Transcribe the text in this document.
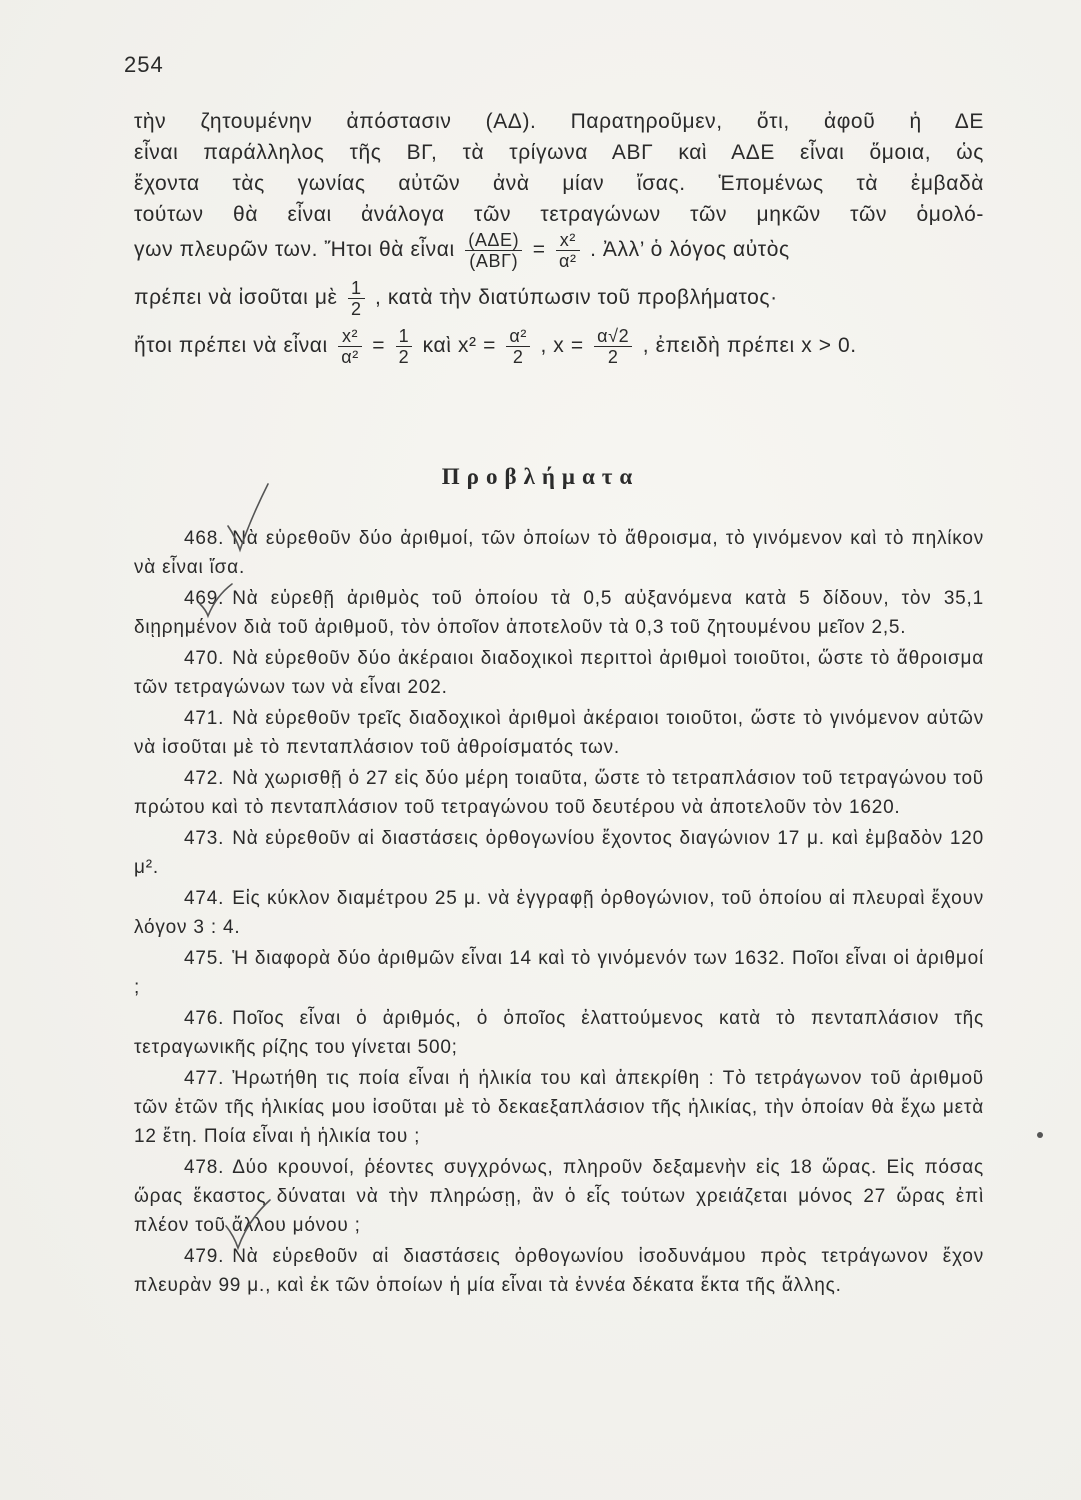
254
τὴν ζητουμένην ἀπόστασιν (ΑΔ). Παρατηροῦμεν, ὅτι, ἀφοῦ ἡ ΔΕ
εἶναι παράλληλος τῆς ΒΓ, τὰ τρίγωνα ΑΒΓ καὶ ΑΔΕ εἶναι ὅμοια, ὡς
ἔχοντα τὰς γωνίας αὐτῶν ἀνὰ μίαν ἴσας. Ἑπομένως τὰ ἐμβαδὰ
τούτων θὰ εἶναι ἀνάλογα τῶν τετραγώνων τῶν μηκῶν τῶν ὁμολό-
γων πλευρῶν των. Ἤτοι θὰ εἶναι $\frac{\text{(ΑΔΕ)}}{\text{(ΑΒΓ)}} = \frac{\text{x²}}{\text{α²}}$ . Ἀλλ’ ὁ λόγος αὐτὸς
πρέπει νὰ ἰσοῦται μὲ $\frac{1}{2}$ , κατὰ τὴν διατύπωσιν τοῦ προβλήματος·
ἤτοι πρέπει νὰ εἶναι $\frac{\text{x²}}{\text{α²}} = \frac{1}{2}$ καὶ $x^2 = \frac{\text{α²}}{2}$ , $x = \frac{\alpha√2}{2}$ , ἐπειδὴ πρέπει x > 0.
Προβλήματα
468. Νὰ εὑρεθοῦν δύο ἀριθμοί, τῶν ὁποίων τὸ ἄθροισμα, τὸ γινόμενον καὶ τὸ πηλίκον νὰ εἶναι ἴσα.
469. Νὰ εὑρεθῇ ἀριθμὸς τοῦ ὁποίου τὰ 0,5 αὐξανόμενα κατὰ 5 δίδουν, τὸν 35,1 διῃρημένον διὰ τοῦ ἀριθμοῦ, τὸν ὁποῖον ἀποτελοῦν τὰ 0,3 τοῦ ζητουμένου μεῖον 2,5.
470. Νὰ εὑρεθοῦν δύο ἀκέραιοι διαδοχικοὶ περιττοὶ ἀριθμοὶ τοιοῦτοι, ὥστε τὸ ἄθροισμα τῶν τετραγώνων των νὰ εἶναι 202.
471. Νὰ εὑρεθοῦν τρεῖς διαδοχικοὶ ἀριθμοὶ ἀκέραιοι τοιοῦτοι, ὥστε τὸ γινόμενον αὐτῶν νὰ ἰσοῦται μὲ τὸ πενταπλάσιον τοῦ ἀθροίσματός των.
472. Νὰ χωρισθῇ ὁ 27 εἰς δύο μέρη τοιαῦτα, ὥστε τὸ τετραπλάσιον τοῦ τετραγώνου τοῦ πρώτου καὶ τὸ πενταπλάσιον τοῦ τετραγώνου τοῦ δευτέρου νὰ ἀποτελοῦν τὸν 1620.
473. Νὰ εὑρεθοῦν αἱ διαστάσεις ὀρθογωνίου ἔχοντος διαγώνιον 17 μ. καὶ ἐμβαδὸν 120 μ².
474. Εἰς κύκλον διαμέτρου 25 μ. νὰ ἐγγραφῇ ὀρθογώνιον, τοῦ ὁποίου αἱ πλευραὶ ἔχουν λόγον 3 : 4.
475. Ἡ διαφορὰ δύο ἀριθμῶν εἶναι 14 καὶ τὸ γινόμενόν των 1632. Ποῖοι εἶναι οἱ ἀριθμοί ;
476. Ποῖος εἶναι ὁ ἀριθμός, ὁ ὁποῖος ἐλαττούμενος κατὰ τὸ πενταπλάσιον τῆς τετραγωνικῆς ρίζης του γίνεται 500;
477. Ἠρωτήθη τις ποία εἶναι ἡ ἡλικία του καὶ ἀπεκρίθη : Τὸ τετράγωνον τοῦ ἀριθμοῦ τῶν ἐτῶν τῆς ἡλικίας μου ἰσοῦται μὲ τὸ δεκαεξαπλάσιον τῆς ἡλικίας, τὴν ὁποίαν θὰ ἔχω μετὰ 12 ἔτη. Ποία εἶναι ἡ ἡλικία του ;
478. Δύο κρουνοί, ῥέοντες συγχρόνως, πληροῦν δεξαμενὴν εἰς 18 ὥρας. Εἰς πόσας ὥρας ἕκαστος δύναται νὰ τὴν πληρώσῃ, ἂν ὁ εἷς τούτων χρειάζεται μόνος 27 ὥρας ἐπὶ πλέον τοῦ ἄλλου μόνου ;
479. Νὰ εὑρεθοῦν αἱ διαστάσεις ὀρθογωνίου ἰσοδυνάμου πρὸς τετράγωνον ἔχον πλευρὰν 99 μ., καὶ ἐκ τῶν ὁποίων ἡ μία εἶναι τὰ ἐννέα δέκατα ἕκτα τῆς ἄλλης.
